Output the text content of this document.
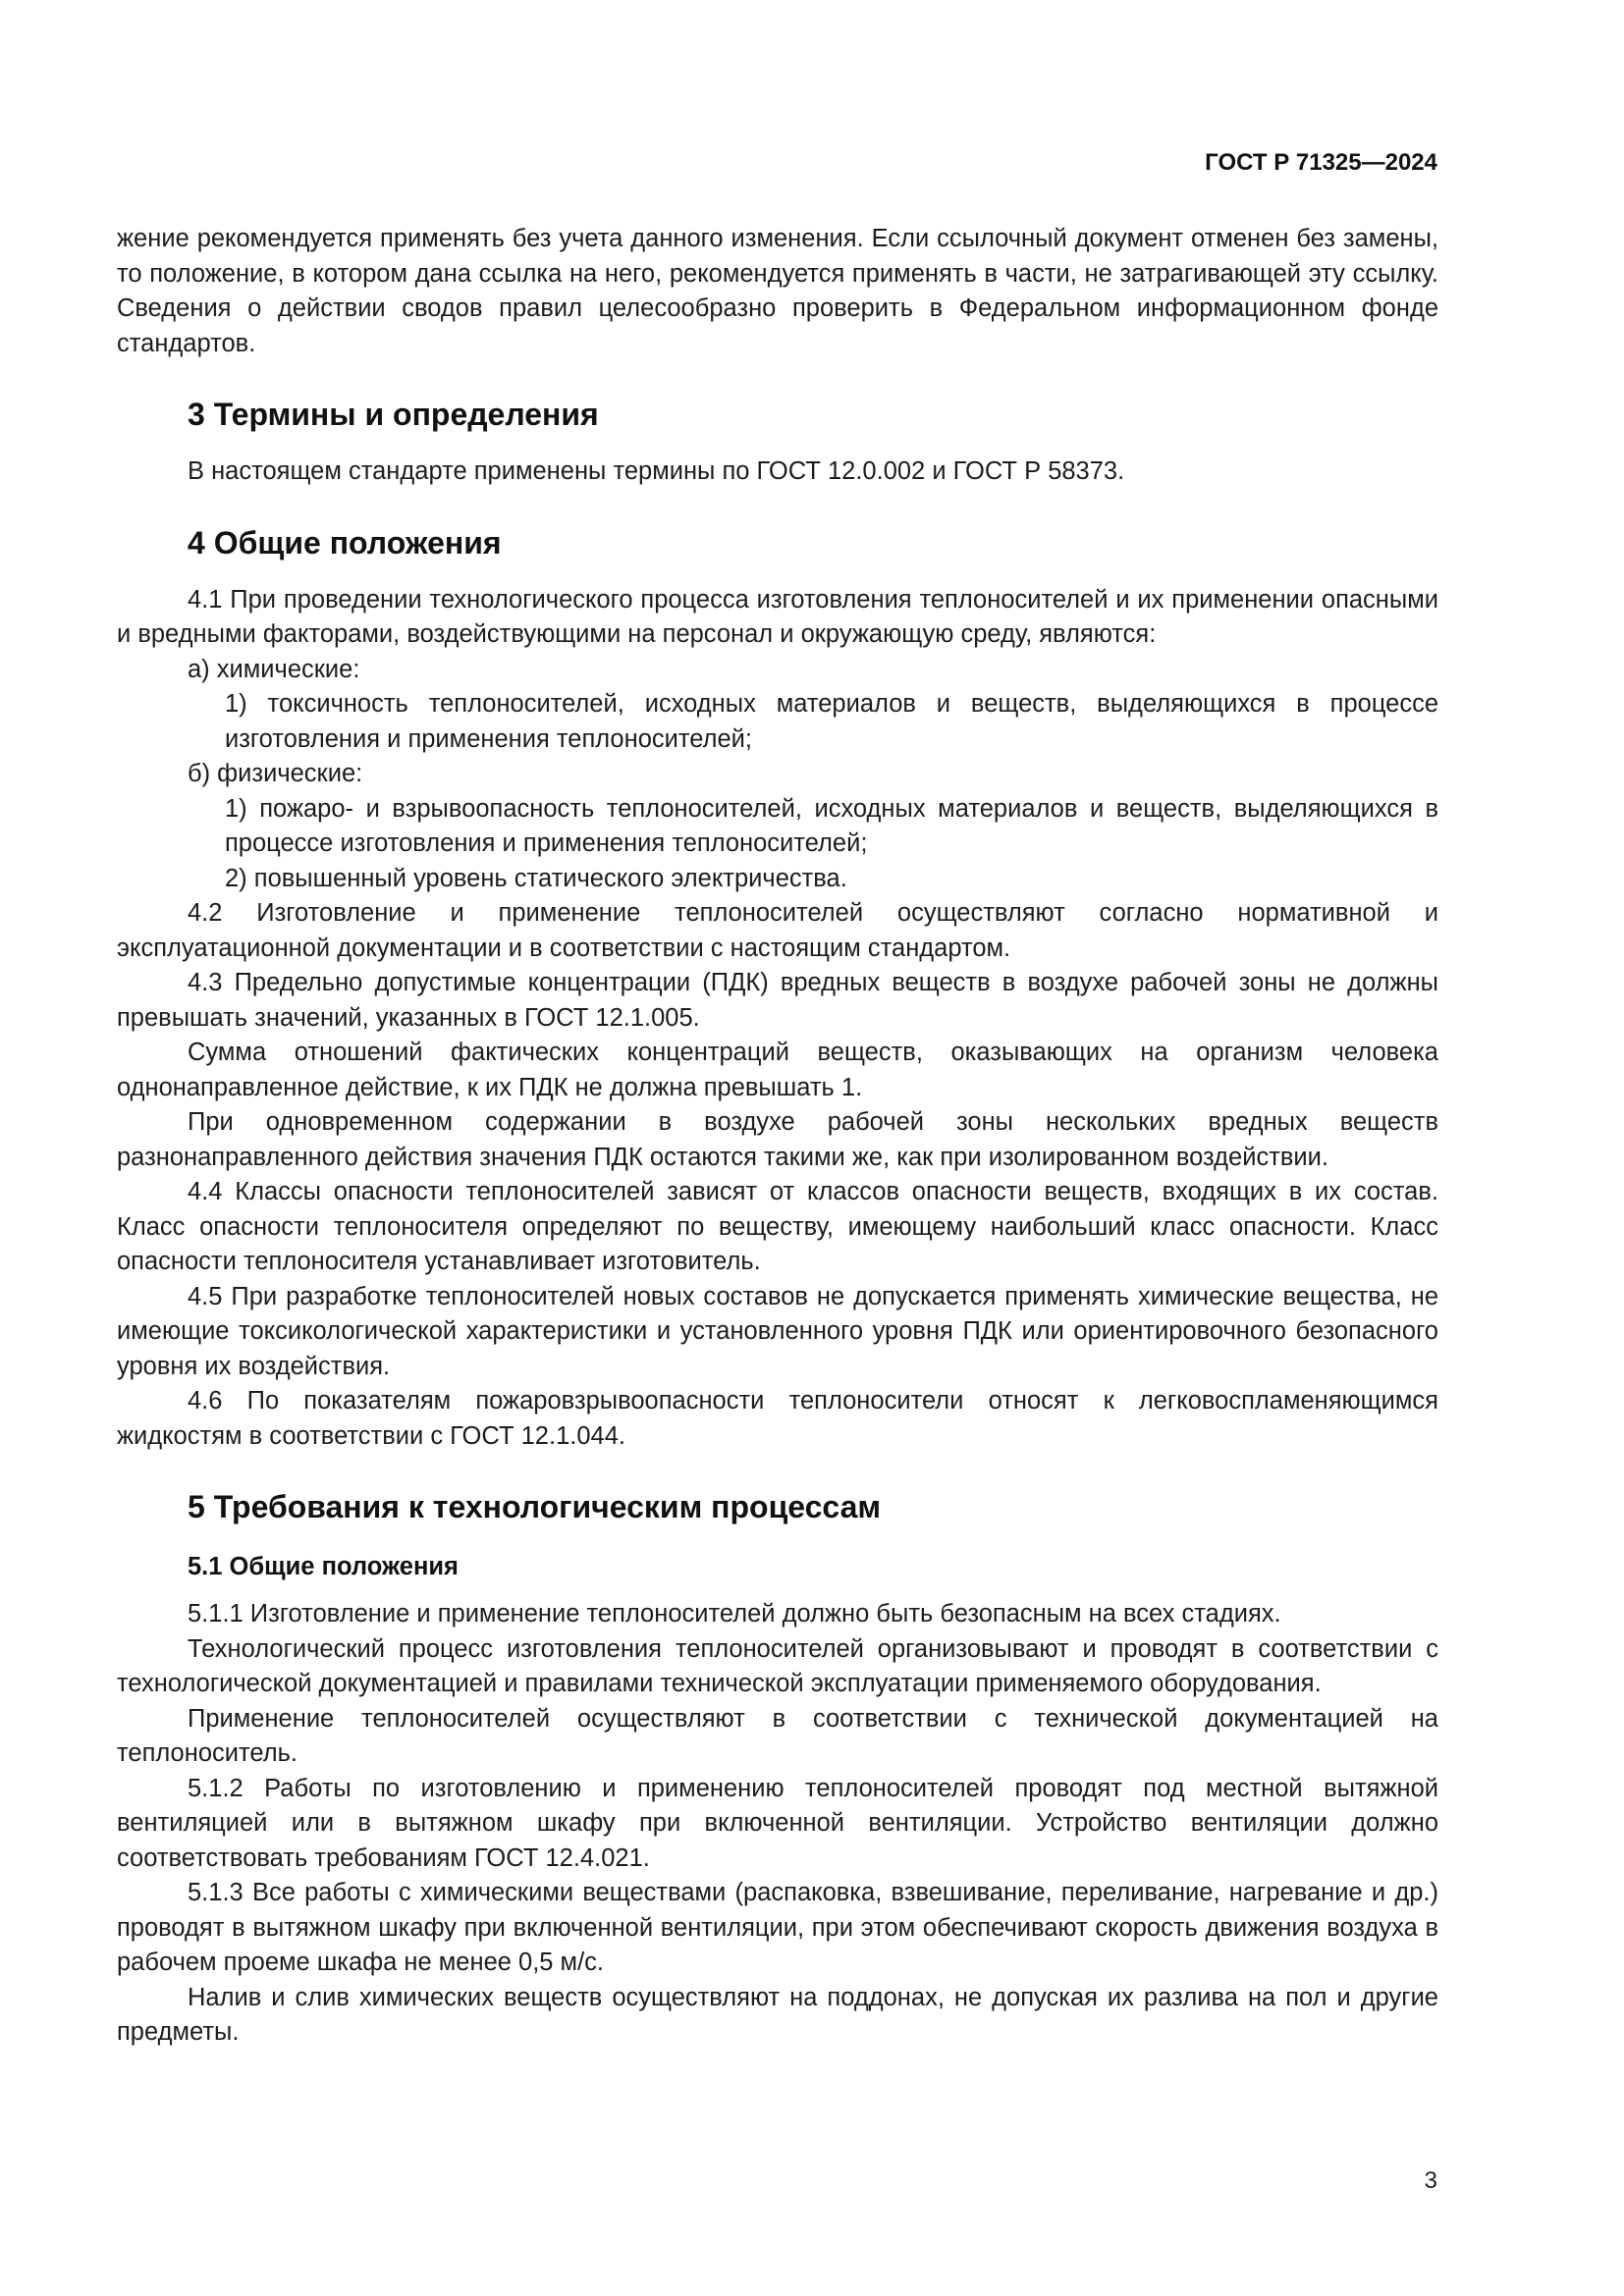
ГОСТ Р 71325—2024

жение рекомендуется применять без учета данного изменения. Если ссылочный документ отменен без замены, то положение, в котором дана ссылка на него, рекомендуется применять в части, не затрагивающей эту ссылку. Сведения о действии сводов правил целесообразно проверить в Федеральном информационном фонде стандартов.

3 Термины и определения

В настоящем стандарте применены термины по ГОСТ 12.0.002 и ГОСТ Р 58373.

4 Общие положения

4.1 При проведении технологического процесса изготовления теплоносителей и их применении опасными и вредными факторами, воздействующими на персонал и окружающую среду, являются:

а) химические:

1) токсичность теплоносителей, исходных материалов и веществ, выделяющихся в процессе изготовления и применения теплоносителей;

б) физические:

1) пожаро- и взрывоопасность теплоносителей, исходных материалов и веществ, выделяющихся в процессе изготовления и применения теплоносителей;

2) повышенный уровень статического электричества.

4.2 Изготовление и применение теплоносителей осуществляют согласно нормативной и эксплуатационной документации и в соответствии с настоящим стандартом.

4.3 Предельно допустимые концентрации (ПДК) вредных веществ в воздухе рабочей зоны не должны превышать значений, указанных в ГОСТ 12.1.005.

Сумма отношений фактических концентраций веществ, оказывающих на организм человека однонаправленное действие, к их ПДК не должна превышать 1.

При одновременном содержании в воздухе рабочей зоны нескольких вредных веществ разнонаправленного действия значения ПДК остаются такими же, как при изолированном воздействии.

4.4 Классы опасности теплоносителей зависят от классов опасности веществ, входящих в их состав. Класс опасности теплоносителя определяют по веществу, имеющему наибольший класс опасности. Класс опасности теплоносителя устанавливает изготовитель.

4.5 При разработке теплоносителей новых составов не допускается применять химические вещества, не имеющие токсикологической характеристики и установленного уровня ПДК или ориентировочного безопасного уровня их воздействия.

4.6 По показателям пожаровзрывоопасности теплоносители относят к легковоспламеняющимся жидкостям в соответствии с ГОСТ 12.1.044.

5 Требования к технологическим процессам
5.1 Общие положения

5.1.1 Изготовление и применение теплоносителей должно быть безопасным на всех стадиях.

Технологический процесс изготовления теплоносителей организовывают и проводят в соответствии с технологической документацией и правилами технической эксплуатации применяемого оборудования.

Применение теплоносителей осуществляют в соответствии с технической документацией на теплоноситель.

5.1.2 Работы по изготовлению и применению теплоносителей проводят под местной вытяжной вентиляцией или в вытяжном шкафу при включенной вентиляции. Устройство вентиляции должно соответствовать требованиям ГОСТ 12.4.021.

5.1.3 Все работы с химическими веществами (распаковка, взвешивание, переливание, нагревание и др.) проводят в вытяжном шкафу при включенной вентиляции, при этом обеспечивают скорость движения воздуха в рабочем проеме шкафа не менее 0,5 м/с.

Налив и слив химических веществ осуществляют на поддонах, не допуская их разлива на пол и другие предметы.

3
